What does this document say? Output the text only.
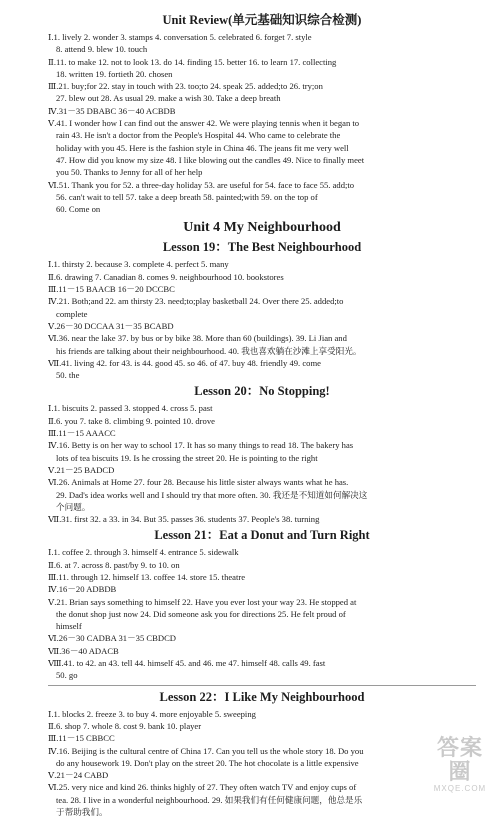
Unit Review(单元基础知识综合检测)
Ⅰ.1. lively 2. wonder 3. stamps 4. conversation 5. celebrated 6. forget 7. style
8. attend 9. blew 10. touch
Ⅱ.11. to make 12. not to look 13. do 14. finding 15. better 16. to learn 17. collecting
18. written 19. fortieth 20. chosen
Ⅲ.21. buy;for 22. stay in touch with 23. too;to 24. speak 25. added;to 26. try;on
27. blew out 28. As usual 29. make a wish 30. Take a deep breath
Ⅳ.31－35 DBABC 36－40 ACBDB
Ⅴ.41. I wonder how I can find out the answer 42. We were playing tennis when it began to
rain 43. He isn't a doctor from the People's Hospital 44. Who came to celebrate the
holiday with you 45. Here is the fashion style in China 46. The jeans fit me very well
47. How did you know my size 48. I like blowing out the candles 49. Nice to finally meet
you 50. Thanks to Jenny for all of her help
Ⅵ.51. Thank you for 52. a three-day holiday 53. are useful for 54. face to face 55. add;to
56. can't wait to tell 57. take a deep breath 58. painted;with 59. on the top of
60. Come on
Unit 4 My Neighbourhood
Lesson 19：The Best Neighbourhood
Ⅰ.1. thirsty 2. because 3. complete 4. perfect 5. many
Ⅱ.6. drawing 7. Canadian 8. comes 9. neighbourhood 10. bookstores
Ⅲ.11－15 BAACB 16－20 DCCBC
Ⅳ.21. Both;and 22. am thirsty 23. need;to;play basketball 24. Over there 25. added;to
complete
Ⅴ.26－30 DCCAA 31－35 BCABD
Ⅵ.36. near the lake 37. by bus or by bike 38. More than 60 (buildings). 39. Li Jian and
his friends are talking about their neighbourhood. 40. 我也喜欢躺在沙滩上享受阳光。
Ⅶ.41. living 42. for 43. is 44. good 45. so 46. of 47. buy 48. friendly 49. come
50. the
Lesson 20：No Stopping!
Ⅰ.1. biscuits 2. passed 3. stopped 4. cross 5. past
Ⅱ.6. you 7. take 8. climbing 9. pointed 10. drove
Ⅲ.11－15 AAACC
Ⅳ.16. Betty is on her way to school 17. It has so many things to read 18. The bakery has
lots of tea biscuits 19. Is he crossing the street 20. He is pointing to the right
Ⅴ.21－25 BADCD
Ⅵ.26. Animals at Home 27. four 28. Because his little sister always wants what he has.
29. Dad's idea works well and I should try that more often. 30. 我还是不知道如何解决这
个问题。
Ⅶ.31. first 32. a 33. in 34. But 35. passes 36. students 37. People's 38. turning
Lesson 21：Eat a Donut and Turn Right
Ⅰ.1. coffee 2. through 3. himself 4. entrance 5. sidewalk
Ⅱ.6. at 7. across 8. past/by 9. to 10. on
Ⅲ.11. through 12. himself 13. coffee 14. store 15. theatre
Ⅳ.16－20 ADBDB
Ⅴ.21. Brian says something to himself 22. Have you ever lost your way 23. He stopped at
the donut shop just now 24. Did someone ask you for directions 25. He felt proud of
himself
Ⅵ.26－30 CADBA 31－35 CBDCD
Ⅶ.36－40 ADACB
Ⅷ.41. to 42. an 43. tell 44. himself 45. and 46. me 47. himself 48. calls 49. fast
50. go
Lesson 22：I Like My Neighbourhood
Ⅰ.1. blocks 2. freeze 3. to buy 4. more enjoyable 5. sweeping
Ⅱ.6. shop 7. whole 8. cost 9. bank 10. player
Ⅲ.11－15 CBBCC
Ⅳ.16. Beijing is the cultural centre of China 17. Can you tell us the whole story 18. Do you
do any housework 19. Don't play on the street 20. The hot chocolate is a little expensive
Ⅴ.21－24 CABD
Ⅵ.25. very nice and kind 26. thinks highly of 27. They often watch TV and enjoy cups of
tea. 28. I live in a wonderful neighbourhood. 29. 如果我们有任何健康问题，他总是乐
于帮助我们。
答案圈
MXQE.COM
